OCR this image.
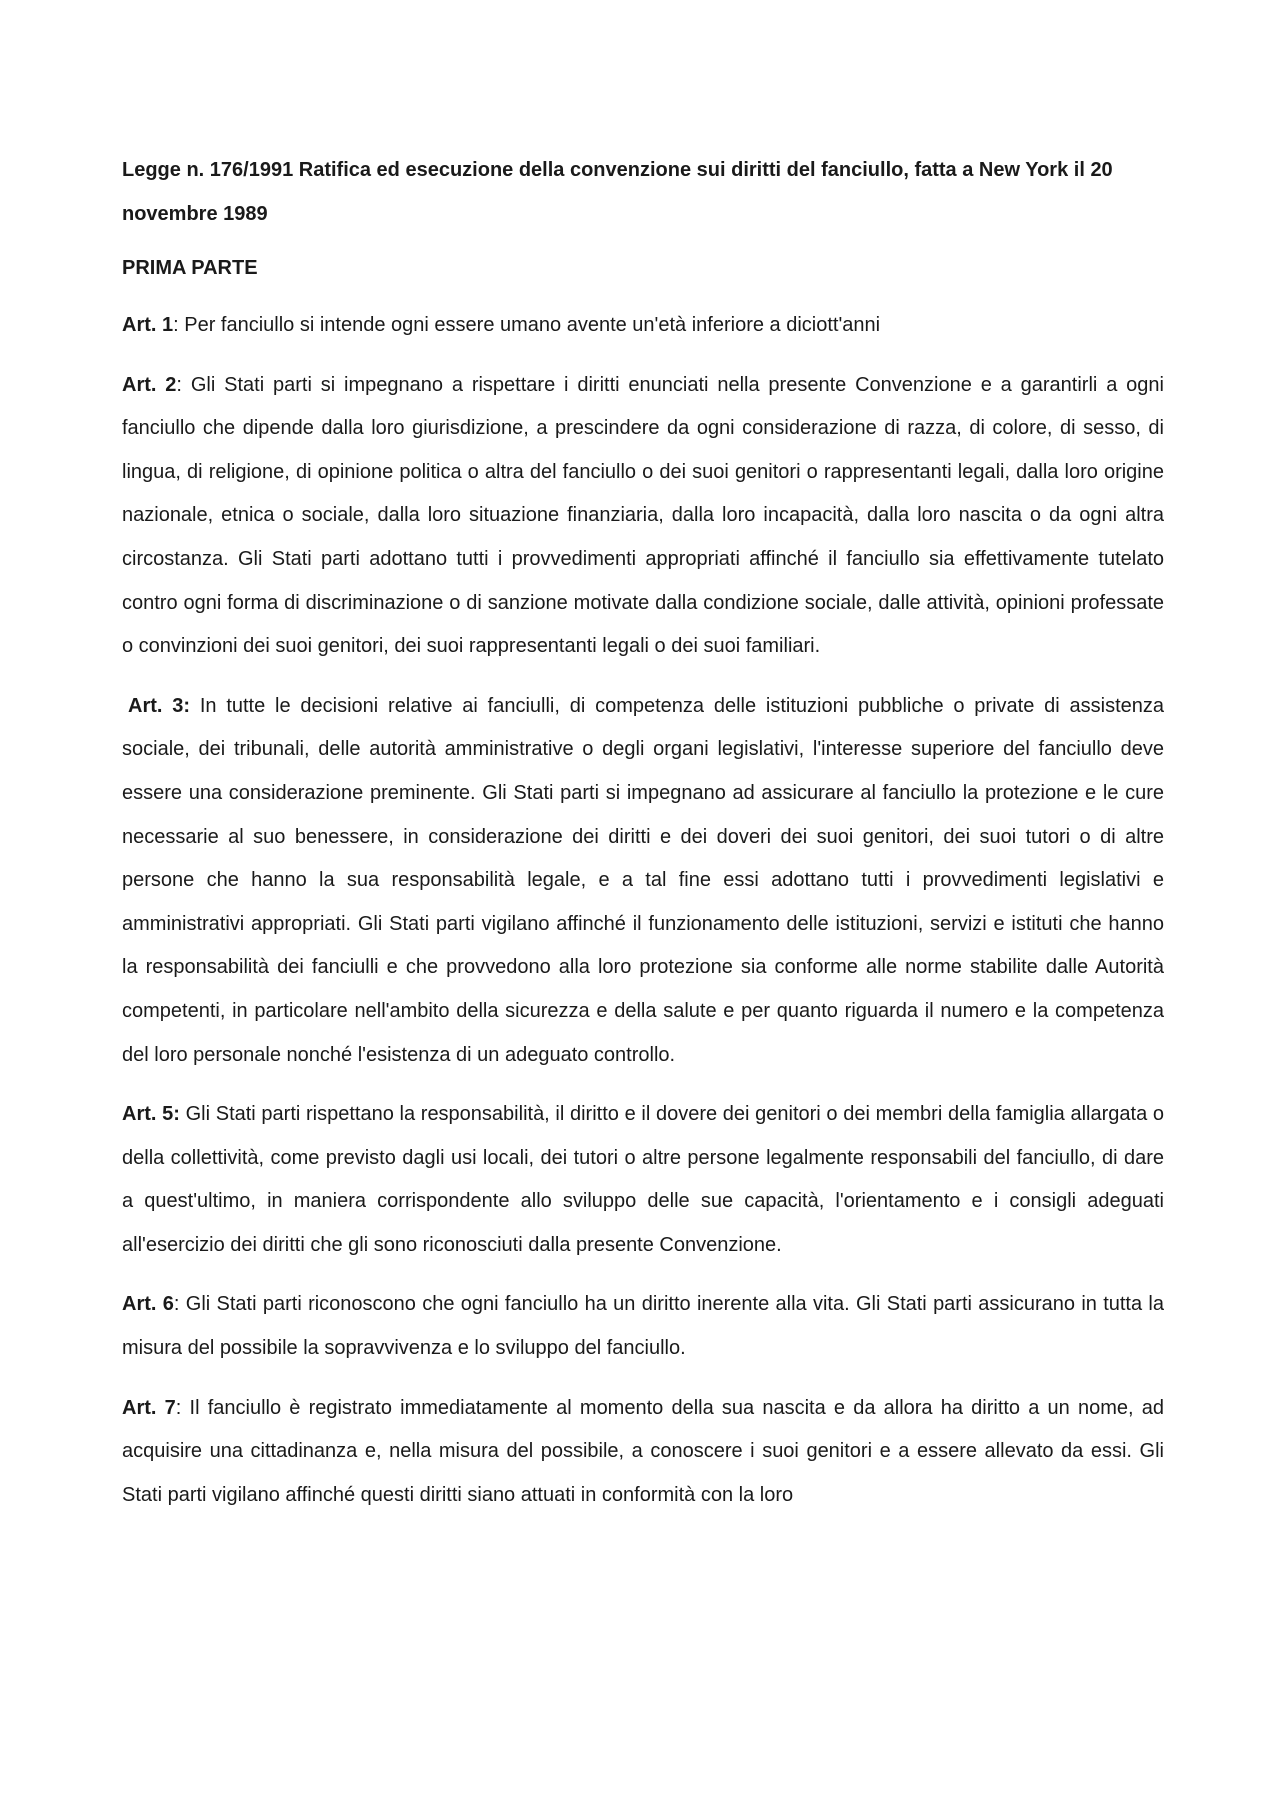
Legge n. 176/1991 Ratifica ed esecuzione della convenzione sui diritti del fanciullo, fatta a New York il 20 novembre 1989

PRIMA PARTE

Art. 1: Per fanciullo si intende ogni essere umano avente un'età inferiore a diciott'anni

Art. 2: Gli Stati parti si impegnano a rispettare i diritti enunciati nella presente Convenzione e a garantirli a ogni fanciullo che dipende dalla loro giurisdizione, a prescindere da ogni considerazione di razza, di colore, di sesso, di lingua, di religione, di opinione politica o altra del fanciullo o dei suoi genitori o rappresentanti legali, dalla loro origine nazionale, etnica o sociale, dalla loro situazione finanziaria, dalla loro incapacità, dalla loro nascita o da ogni altra circostanza. Gli Stati parti adottano tutti i provvedimenti appropriati affinché il fanciullo sia effettivamente tutelato contro ogni forma di discriminazione o di sanzione motivate dalla condizione sociale, dalle attività, opinioni professate o convinzioni dei suoi genitori, dei suoi rappresentanti legali o dei suoi familiari.

Art. 3: In tutte le decisioni relative ai fanciulli, di competenza delle istituzioni pubbliche o private di assistenza sociale, dei tribunali, delle autorità amministrative o degli organi legislativi, l'interesse superiore del fanciullo deve essere una considerazione preminente. Gli Stati parti si impegnano ad assicurare al fanciullo la protezione e le cure necessarie al suo benessere, in considerazione dei diritti e dei doveri dei suoi genitori, dei suoi tutori o di altre persone che hanno la sua responsabilità legale, e a tal fine essi adottano tutti i provvedimenti legislativi e amministrativi appropriati. Gli Stati parti vigilano affinché il funzionamento delle istituzioni, servizi e istituti che hanno la responsabilità dei fanciulli e che provvedono alla loro protezione sia conforme alle norme stabilite dalle Autorità competenti, in particolare nell'ambito della sicurezza e della salute e per quanto riguarda il numero e la competenza del loro personale nonché l'esistenza di un adeguato controllo.

Art. 5: Gli Stati parti rispettano la responsabilità, il diritto e il dovere dei genitori o dei membri della famiglia allargata o della collettività, come previsto dagli usi locali, dei tutori o altre persone legalmente responsabili del fanciullo, di dare a quest'ultimo, in maniera corrispondente allo sviluppo delle sue capacità, l'orientamento e i consigli adeguati all'esercizio dei diritti che gli sono riconosciuti dalla presente Convenzione.

Art. 6: Gli Stati parti riconoscono che ogni fanciullo ha un diritto inerente alla vita. Gli Stati parti assicurano in tutta la misura del possibile la sopravvivenza e lo sviluppo del fanciullo.

Art. 7: Il fanciullo è registrato immediatamente al momento della sua nascita e da allora ha diritto a un nome, ad acquisire una cittadinanza e, nella misura del possibile, a conoscere i suoi genitori e a essere allevato da essi. Gli Stati parti vigilano affinché questi diritti siano attuati in conformità con la loro
